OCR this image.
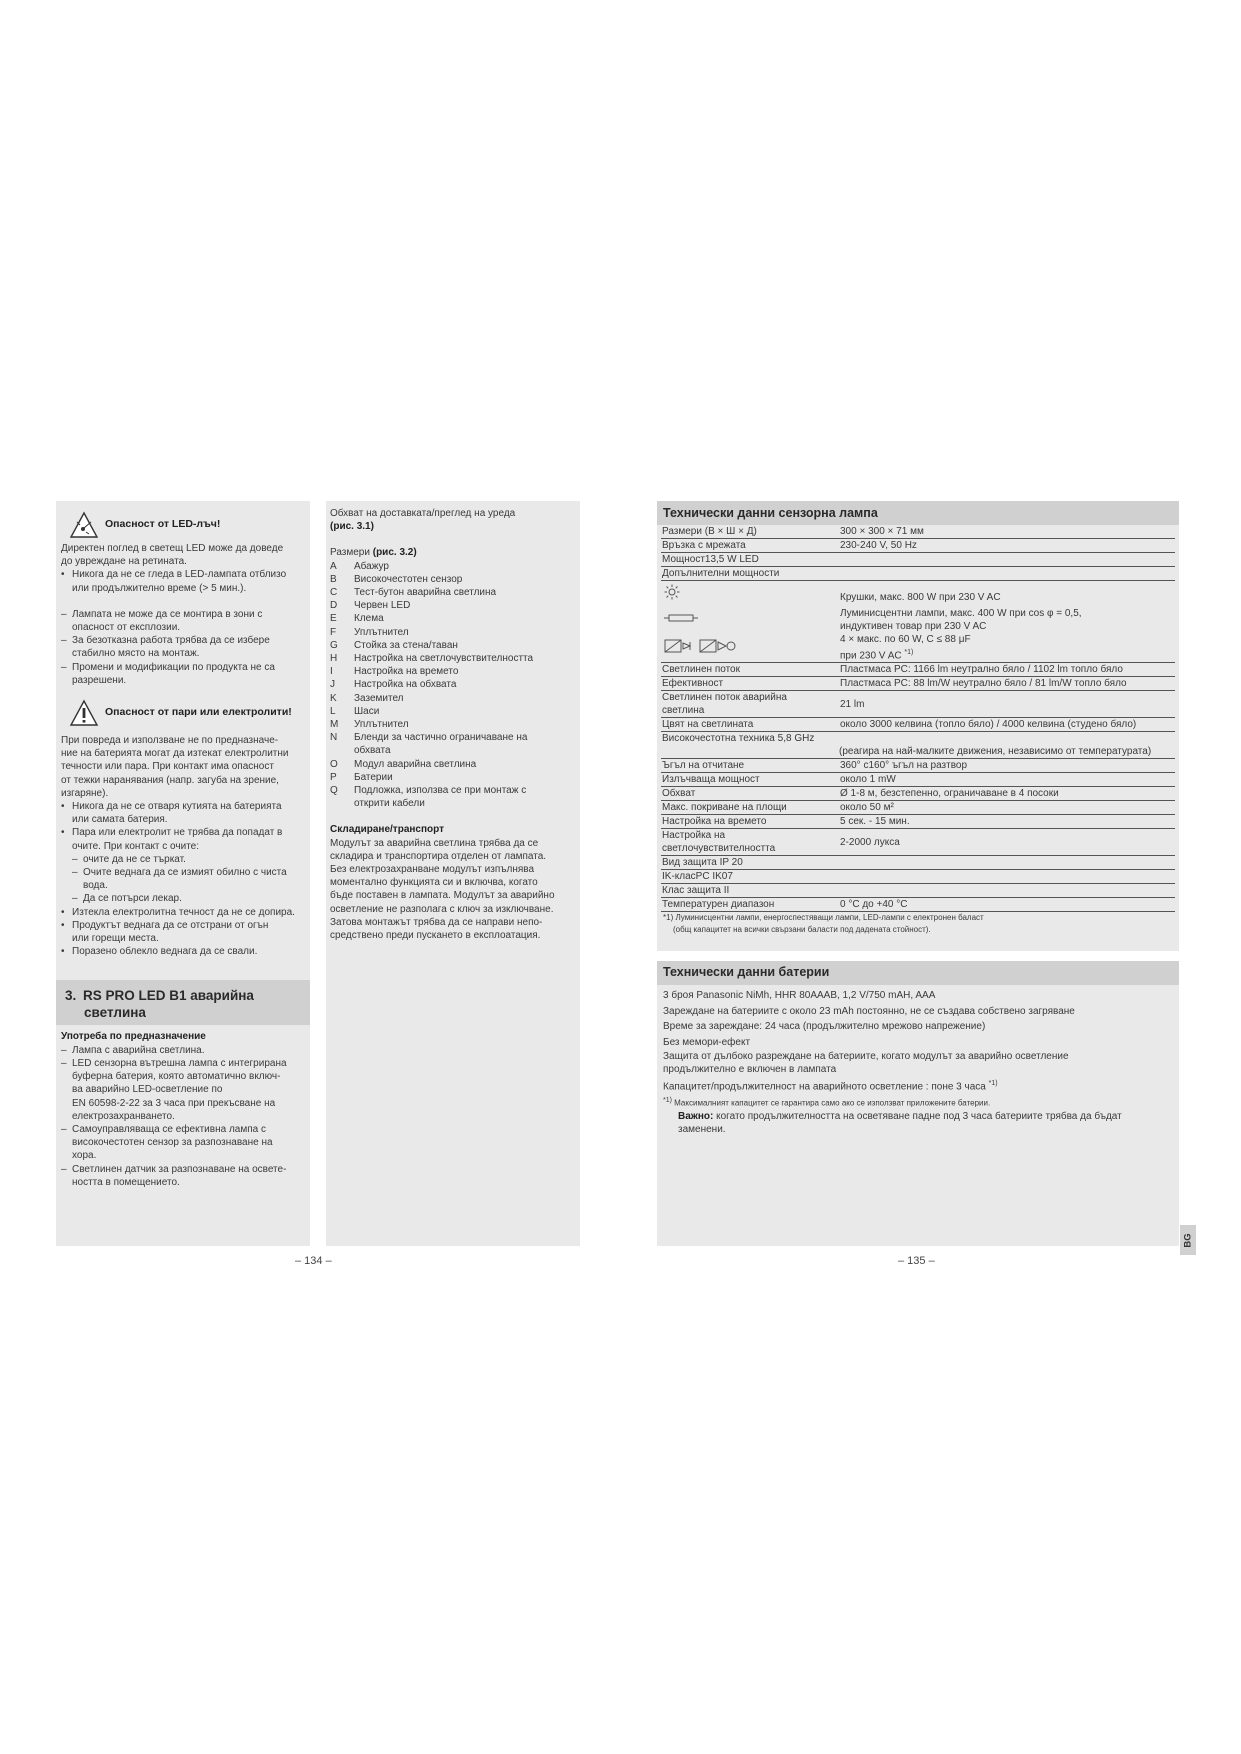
Опасност от LED-лъч!
Директен поглед в светещ LED може да доведе
до увреждане на ретината.
• Никога да не се гледа в LED-лампата отблизо
или продължително време (> 5 мин.).
– Лампата не може да се монтира в зони с
опасност от експлозии.
– За безотказна работа трябва да се избере
стабилно място на монтаж.
– Промени и модификации по продукта не са
разрешени.
Опасност от пари или електролити!
При повреда и използване не по предназначе-
ние на батерията могат да изтекат електролитни
течности или пара. При контакт има опасност
от тежки наранявания (напр. загуба на зрение,
изгаряне).
• Никога да не се отваря кутията на батерията
или самата батерия.
• Пара или електролит не трябва да попадат в
очите. При контакт с очите:
– очите да не се търкат.
– Очите веднага да се измият обилно с чиста
вода.
– Да се потърси лекар.
• Изтекла електролитна течност да не се допира.
• Продуктът веднага да се отстрани от огън
или горещи места.
• Поразено облекло веднага да се свали.
3. RS PRO LED B1 аварийна
светлина
Употреба по предназначение
– Лампа с аварийна светлина.
– LED сензорна вътрешна лампа с интегрирана
буферна батерия, която автоматично включ-
ва аварийно LED-осветление по
EN 60598-2-22 за 3 часа при прекъсване на
електрозахранването.
– Самоуправляваща се ефективна лампа с
високочестотен сензор за разпознаване на
хора.
– Светлинен датчик за разпознаване на освете-
ността в помещението.
Обхват на доставката/преглед на уреда
(рис. 3.1)
Размери (рис. 3.2)
A	Абажур
B	Високочестотен сензор
C	Тест-бутон аварийна светлина
D	Червен LED
E	Клема
F	Уплътнител
G	Стойка за стена/таван
H	Настройка на светлочувствителността
I	Настройка на времето
J	Настройка на обхвата
K	Заземител
L	Шаси
M	Уплътнител
N	Бленди за частично ограничаване на
обхвата
O	Модул аварийна светлина
P	Батерии
Q	Подложка, използва се при монтаж с
открити кабели
Складиране/транспорт
Модулът за аварийна светлина трябва да се
складира и транспортира отделен от лампата.
Без електрозахранване модулът изпълнява
моментално функцията си и включва, когато
бъде поставен в лампата. Модулът за аварийно
осветление не разполага с ключ за изключване.
Затова монтажът трябва да се направи непо-
средствено преди пускането в експлоатация.
– 134 –
Технически данни сензорна лампа
Размери (В × Ш × Д)	300 × 300 × 71 мм
Връзка с мрежата	230-240 V, 50 Hz
Мощност13,5 W LED	
Допълнителни мощности	
	Крушки, макс. 800 W при 230 V AC

Луминисцентни лампи, макс. 400 W при cos φ = 0,5,
индуктивен товар при 230 V AC

4 × макс. по 60 W, C ≤ 88 μF
при 230 V AC $^{*1)}$

Светлинен поток	Пластмаса PC: 1166 lm неутрално бяло / 1102 lm топло бяло
Ефективност	Пластмаса PC: 88 lm/W неутрално бяло / 81 lm/W топло бяло

Светлинен поток аварийна
светлина	21 lm
Цвят на светлината	около 3000 келвина (топло бяло) / 4000 келвина (студено бяло)

Високочестотна техника 5,8 GHz
(реагира на най-малките движения, независимо от температурата)	

Ъгъл на отчитане	360° с160° ъгъл на разтвор
Излъчваща мощност	около 1 mW
Обхват	Ø 1-8 м, безстепенно, ограничаване в 4 посоки
Макс. покриване на площи	около 50 м²
Настройка на времето	5 сек. - 15 мин.

Настройка на
светлочувствителността	2-2000 лукса
Вид защита IP 20	
IK-класPC IK07	
Клас защита II	
Температурен диапазон	0 °C до +40 °C
*1) Луминисцентни лампи, енергоспестяващи лампи, LED-лампи с електронен баласт
(общ капацитет на всички свързани баласти под дадената стойност).
Технически данни батерии
3 броя Panasonic NiMh, HHR 80AAAB, 1,2 V/750 mAH, AAA
Зареждане на батериите с около 23 mAh постоянно, не се създава собствено загряване
Време за зареждане: 24 часа (продължително мрежово напрежение)
Без мемори-ефект
Защита от дълбоко разреждане на батериите, когато модулът за аварийно осветление
продължително е включен в лампата
Капацитет/продължителност на аварийното осветление : поне 3 часа $^{*1)}$
$^{*1)}$ Максималният капацитет се гарантира само ако се използват приложените батерии.
Важно: когато продължителността на осветяване падне под 3 часа батериите трябва да бъдат
заменени.
BG
– 135 –
